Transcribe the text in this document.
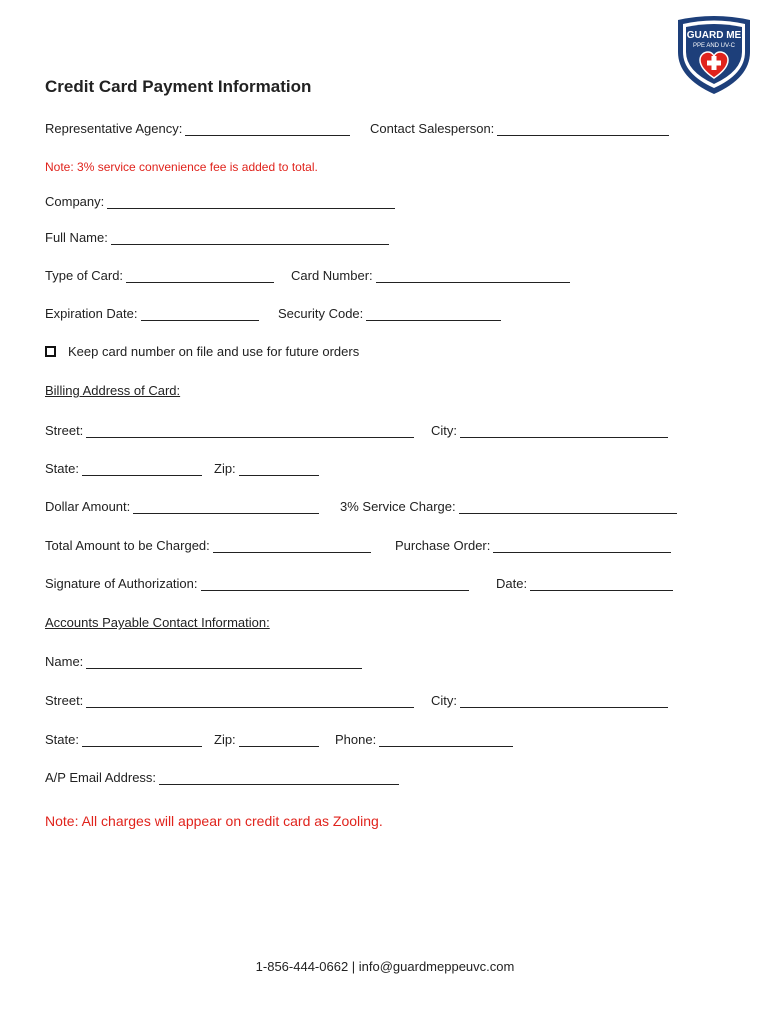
GUARD ME
PPE AND UV-C
Credit Card Payment Information
Representative Agency:	Contact Salesperson:
Note: 3% service convenience fee is added to total.
Company:
Full Name:
Type of Card:	Card Number:
Expiration Date:	Security Code:
Keep card number on file and use for future orders
Billing Address of Card:
Street:	City:
State:	Zip:
Dollar Amount:	3% Service Charge:
Total Amount to be Charged:	Purchase Order:
Signature of Authorization:	Date:
Accounts Payable Contact Information:
Name:
Street:	City:
State:	Zip:	Phone:
A/P Email Address:
Note: All charges will appear on credit card as Zooling.
1-856-444-0662 | info@guardmeppeuvc.com
